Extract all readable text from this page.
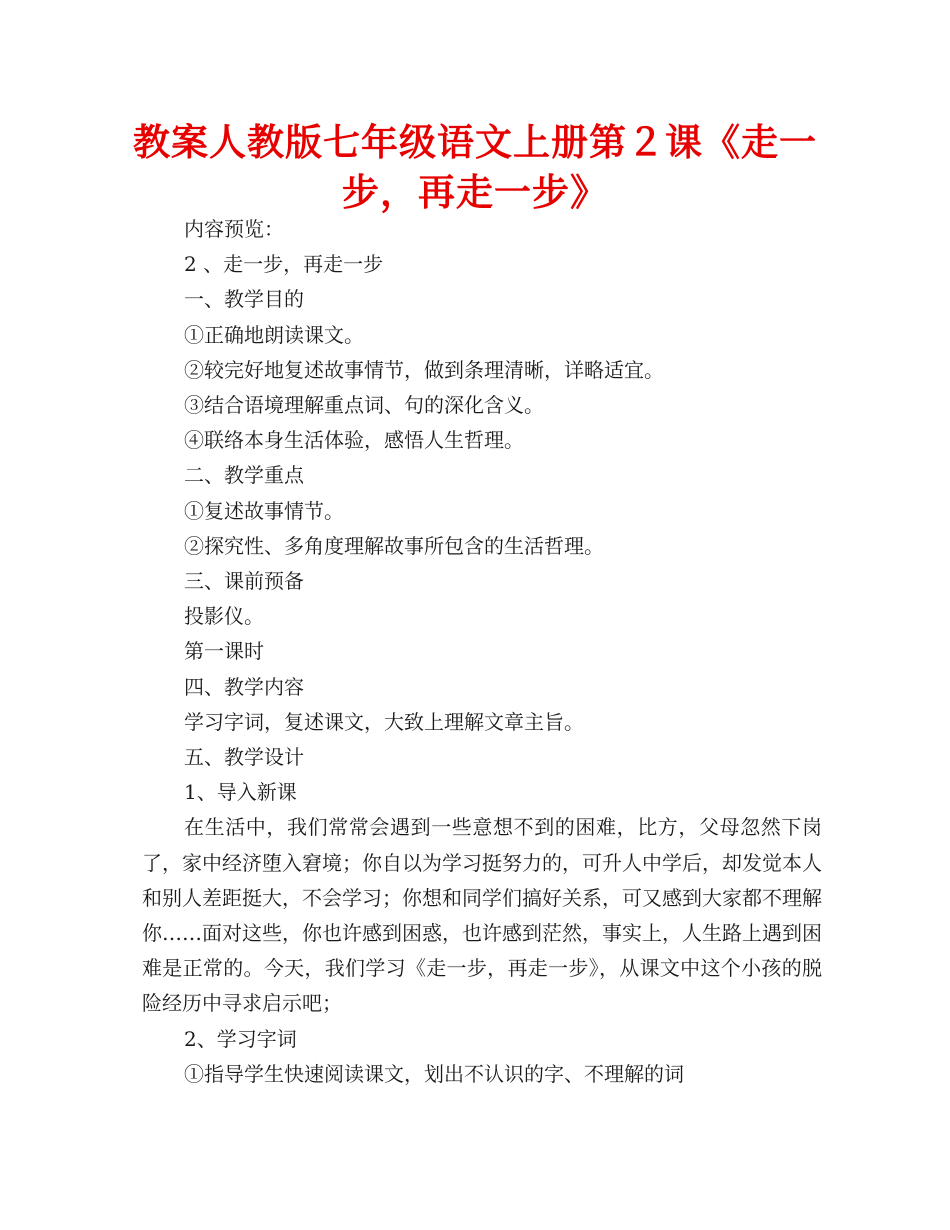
教案人教版七年级语文上册第２课《走一步，再走一步》

内容预览：

2 、走一步，再走一步

一、教学目的

①正确地朗读课文。

②较完好地复述故事情节，做到条理清晰，详略适宜。

③结合语境理解重点词、句的深化含义。

④联络本身生活体验，感悟人生哲理。

二、教学重点

①复述故事情节。

②探究性、多角度理解故事所包含的生活哲理。

三、课前预备

投影仪。

第一课时

四、教学内容

学习字词，复述课文，大致上理解文章主旨。

五、教学设计

1、导入新课

在生活中，我们常常会遇到一些意想不到的困难，比方，父母忽然下岗了，家中经济堕入窘境；你自以为学习挺努力的，可升人中学后，却发觉本人和别人差距挺大，不会学习；你想和同学们搞好关系，可又感到大家都不理解你……面对这些，你也许感到困惑，也许感到茫然，事实上，人生路上遇到困难是正常的。今天，我们学习《走一步，再走一步》，从课文中这个小孩的脱险经历中寻求启示吧；

2、学习字词

①指导学生快速阅读课文，划出不认识的字、不理解的词
